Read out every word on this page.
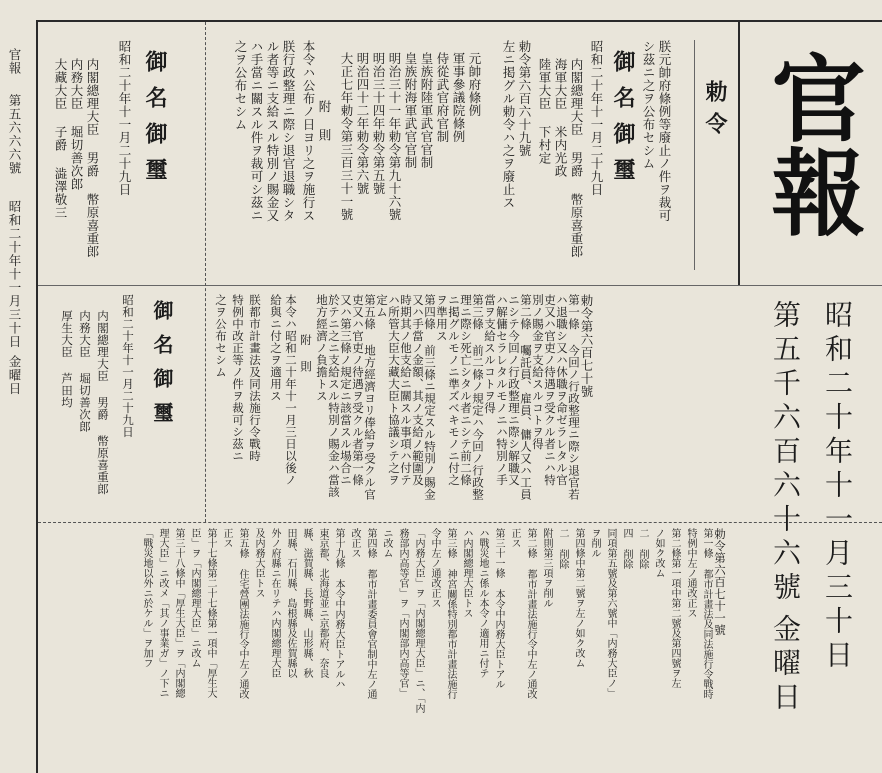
官報
第五六六六號
昭和二十年十一月三十日
金曜日
官報
昭和二十年十一月三十日
第五千六百六十六號
金曜日
勅令
朕元帥府條例等廢止ノ件ヲ裁可
シ茲ニ之ヲ公布セシム
御名御璽
昭和二十年十一月二十九日
内閣總理大臣 男爵 幣原喜重郎
海軍大臣 米内光政
陸軍大臣 下村定
勅令第六百六十九號
左ニ掲グル勅令ハ之ヲ廢止ス
元帥府條例
軍事參議院條例
侍從武官府官制
皇族附陸軍武官官制
皇族附海軍武官官制
明治三十一年勅令第九十六號
明治三十四年勅令第五號
明治四十二年勅令第六號
大正七年勅令第三百三十一號
附 則
本令ハ公布ノ日ヨリ之ヲ施行ス
朕行政整理ニ際シ退官退職シタ
ル者等ニ支給スル特別ノ賜金又
ハ手當ニ關スル件ヲ裁可シ茲ニ
之ヲ公布セシム
御名御璽
昭和二十年十一月二十九日
内閣總理大臣 男爵 幣原喜重郎
内務大臣 堀切善次郎
大藏大臣 子爵 澁澤敬三
勅令第六百七十號
第一條 今回ノ行政整理ニ際シ退官若
ハ退職シ又ハ休職ヲ命ゼラレタル官
吏又ハ官吏ノ待遇ヲ受クル者ニハ特
別ノ賜金ヲ支給スルコトヲ得
第二條 囑託員、雇員、傭人又ハ工員
ニシテ今回ノ行政整理ニ際シ解職又
ハ解傭セラレタルモノニハ特別ノ手
當ヲ支給スルコトヲ得
第三條 前二條ノ規定ハ今回ノ行政整
理ニ際シ死亡シタル者ニシテ前二條
ニ掲グルモノニ準ズベキモノニ付之
ヲ準用ス
第四條 前三條ニ規定スル特別ノ賜金
又ハ手當ノ金額、其ノ支給ノ範圍及
時期其ノ他支給ニ關スル事項ハ付テ
ハ所管大臣大藏大臣ト協議シテ之ヲ
定ム
第五條 地方經濟ヨリ俸給ヲ受クル官
吏又ハ官吏ノ待遇ヲ受クル者第一條
又ハ第三條ノ規定ニ該當スル場合ニ
於テニ之ニ支給スル特別ノ賜金ハ當該
地方經濟ノ負擔トス
附 則
本令ハ昭和二十年十一月三日以後ノ
給與ニ付之ヲ適用ス
朕都市計畫法及同法施行令戰時
特例中改正等ノ件ヲ裁可シ茲ニ
之ヲ公布セシム
御名御璽
昭和二十年十一月二十九日
内閣總理大臣 男爵 幣原喜重郎
内務大臣 堀切善次郎
厚生大臣 芦田均
勅令第六百七十一號
第一條 都市計畫法及同法施行令戰時
特例中左ノ通改正ス
第二條第一項中第二號及第四號ヲ左
ノ如ク改ム
二 削除
四 削除
同項第五號及第六號中「内務大臣ノ」
ヲ削ル
第四條中第二號ヲ左ノ如ク改ム
二 削除
附則第三項ヲ削ル
第二條 都市計畫法施行令中左ノ通改
正ス
第三十一條 本令中内務大臣トアル
ハ戰災地ニ係ル本令ノ適用ニ付テ
ハ内閣總理大臣トス
第三條 神宮關係特別都市計畫法施行
令中左ノ通改正ス
「内務大臣」ヲ「内閣總理大臣」ニ、「内
務部内高等官」ヲ「内閣部内高等官」
ニ改ム
第四條 都市計畫委員會官制中左ノ通
改正ス
第十九條 本令中内務大臣トアルハ
東京都、北海道並ニ京都府、奈良
縣、滋賀縣、長野縣、山形縣、秋
田縣、石川縣、島根縣及佐賀縣以
外ノ府縣ニ在リテハ内閣總理大臣
及内務大臣トス
第五條 住宅營團法施行令中左ノ通改
正ス
第十七條第二十七條第一項中「厚生大
臣」ヲ「内閣總理大臣」ニ改ム
第三十八條中「厚生大臣」ヲ「内閣總
理大臣」ニ改メ「其ノ事業ガ」ノ下ニ
「戰災地以外ニ於ケル」ヲ加フ
